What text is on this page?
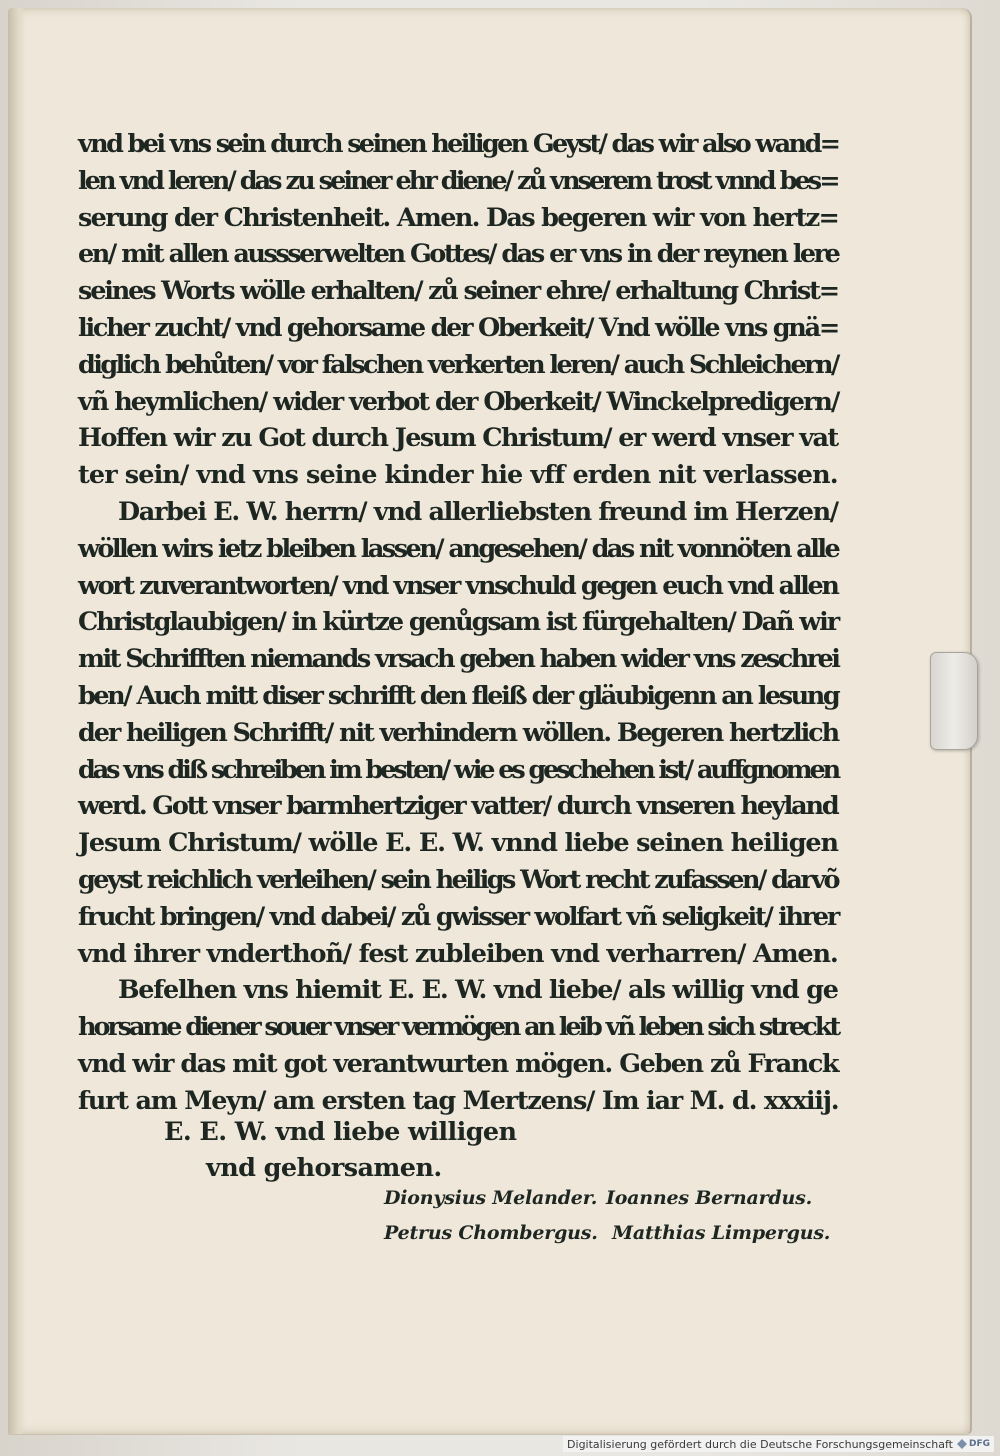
vnd bei vns sein durch seinen heiligen Geyst/ das wir also wand=
len vnd leren/ das zu seiner ehr diene/ zů vnserem trost vnnd bes=
serung der Christenheit. Amen. Das begeren wir von hertz=
en/ mit allen aussserwelten Gottes/ das er vns in der reynen lere
seines Worts wölle erhalten/ zů seiner ehre/ erhaltung Christ=
licher zucht/ vnd gehorsame der Oberkeit/ Vnd wölle vns gnä=
diglich behůten/ vor falschen verkerten leren/ auch Schleichern/
vñ heymlichen/ wider verbot der Oberkeit/ Winckelpredigern/
Hoffen wir zu Got durch Jesum Christum/ er werd vnser vat
ter sein/ vnd vns seine kinder hie vff erden nit verlassen.
Darbei E. W. herrn/ vnd allerliebsten freund im Herzen/
wöllen wirs ietz bleiben lassen/ angesehen/ das nit vonnöten alle
wort zuverantworten/ vnd vnser vnschuld gegen euch vnd allen
Christglaubigen/ in kürtze genůgsam ist fürgehalten/ Dañ wir
mit Schrifften niemands vrsach geben haben wider vns zeschrei
ben/ Auch mitt diser schrifft den fleiß der gläubigenn an lesung
der heiligen Schrifft/ nit verhindern wöllen. Begeren hertzlich
das vns diß schreiben im besten/ wie es geschehen ist/ auffgnomen
werd. Gott vnser barmhertziger vatter/ durch vnseren heyland
Jesum Christum/ wölle E. E. W. vnnd liebe seinen heiligen
geyst reichlich verleihen/ sein heiligs Wort recht zufassen/ darvõ
frucht bringen/ vnd dabei/ zů gwisser wolfart vñ seligkeit/ ihrer
vnd ihrer vnderthoñ/ fest zubleiben vnd verharren/ Amen.
Befelhen vns hiemit E. E. W. vnd liebe/ als willig vnd ge
horsame diener souer vnser vermögen an leib vñ leben sich streckt
vnd wir das mit got verantwurten mögen. Geben zů Franck
furt am Meyn/ am ersten tag Mertzens/ Im iar M. d. xxxiij.
E. E. W. vnd liebe willigen
vnd gehorsamen.
Dionysius Melander. Ioannes Bernardus.
Petrus Chombergus. Matthias Limpergus.
Digitalisierung gefördert durch die Deutsche Forschungsgemeinschaft DFG
